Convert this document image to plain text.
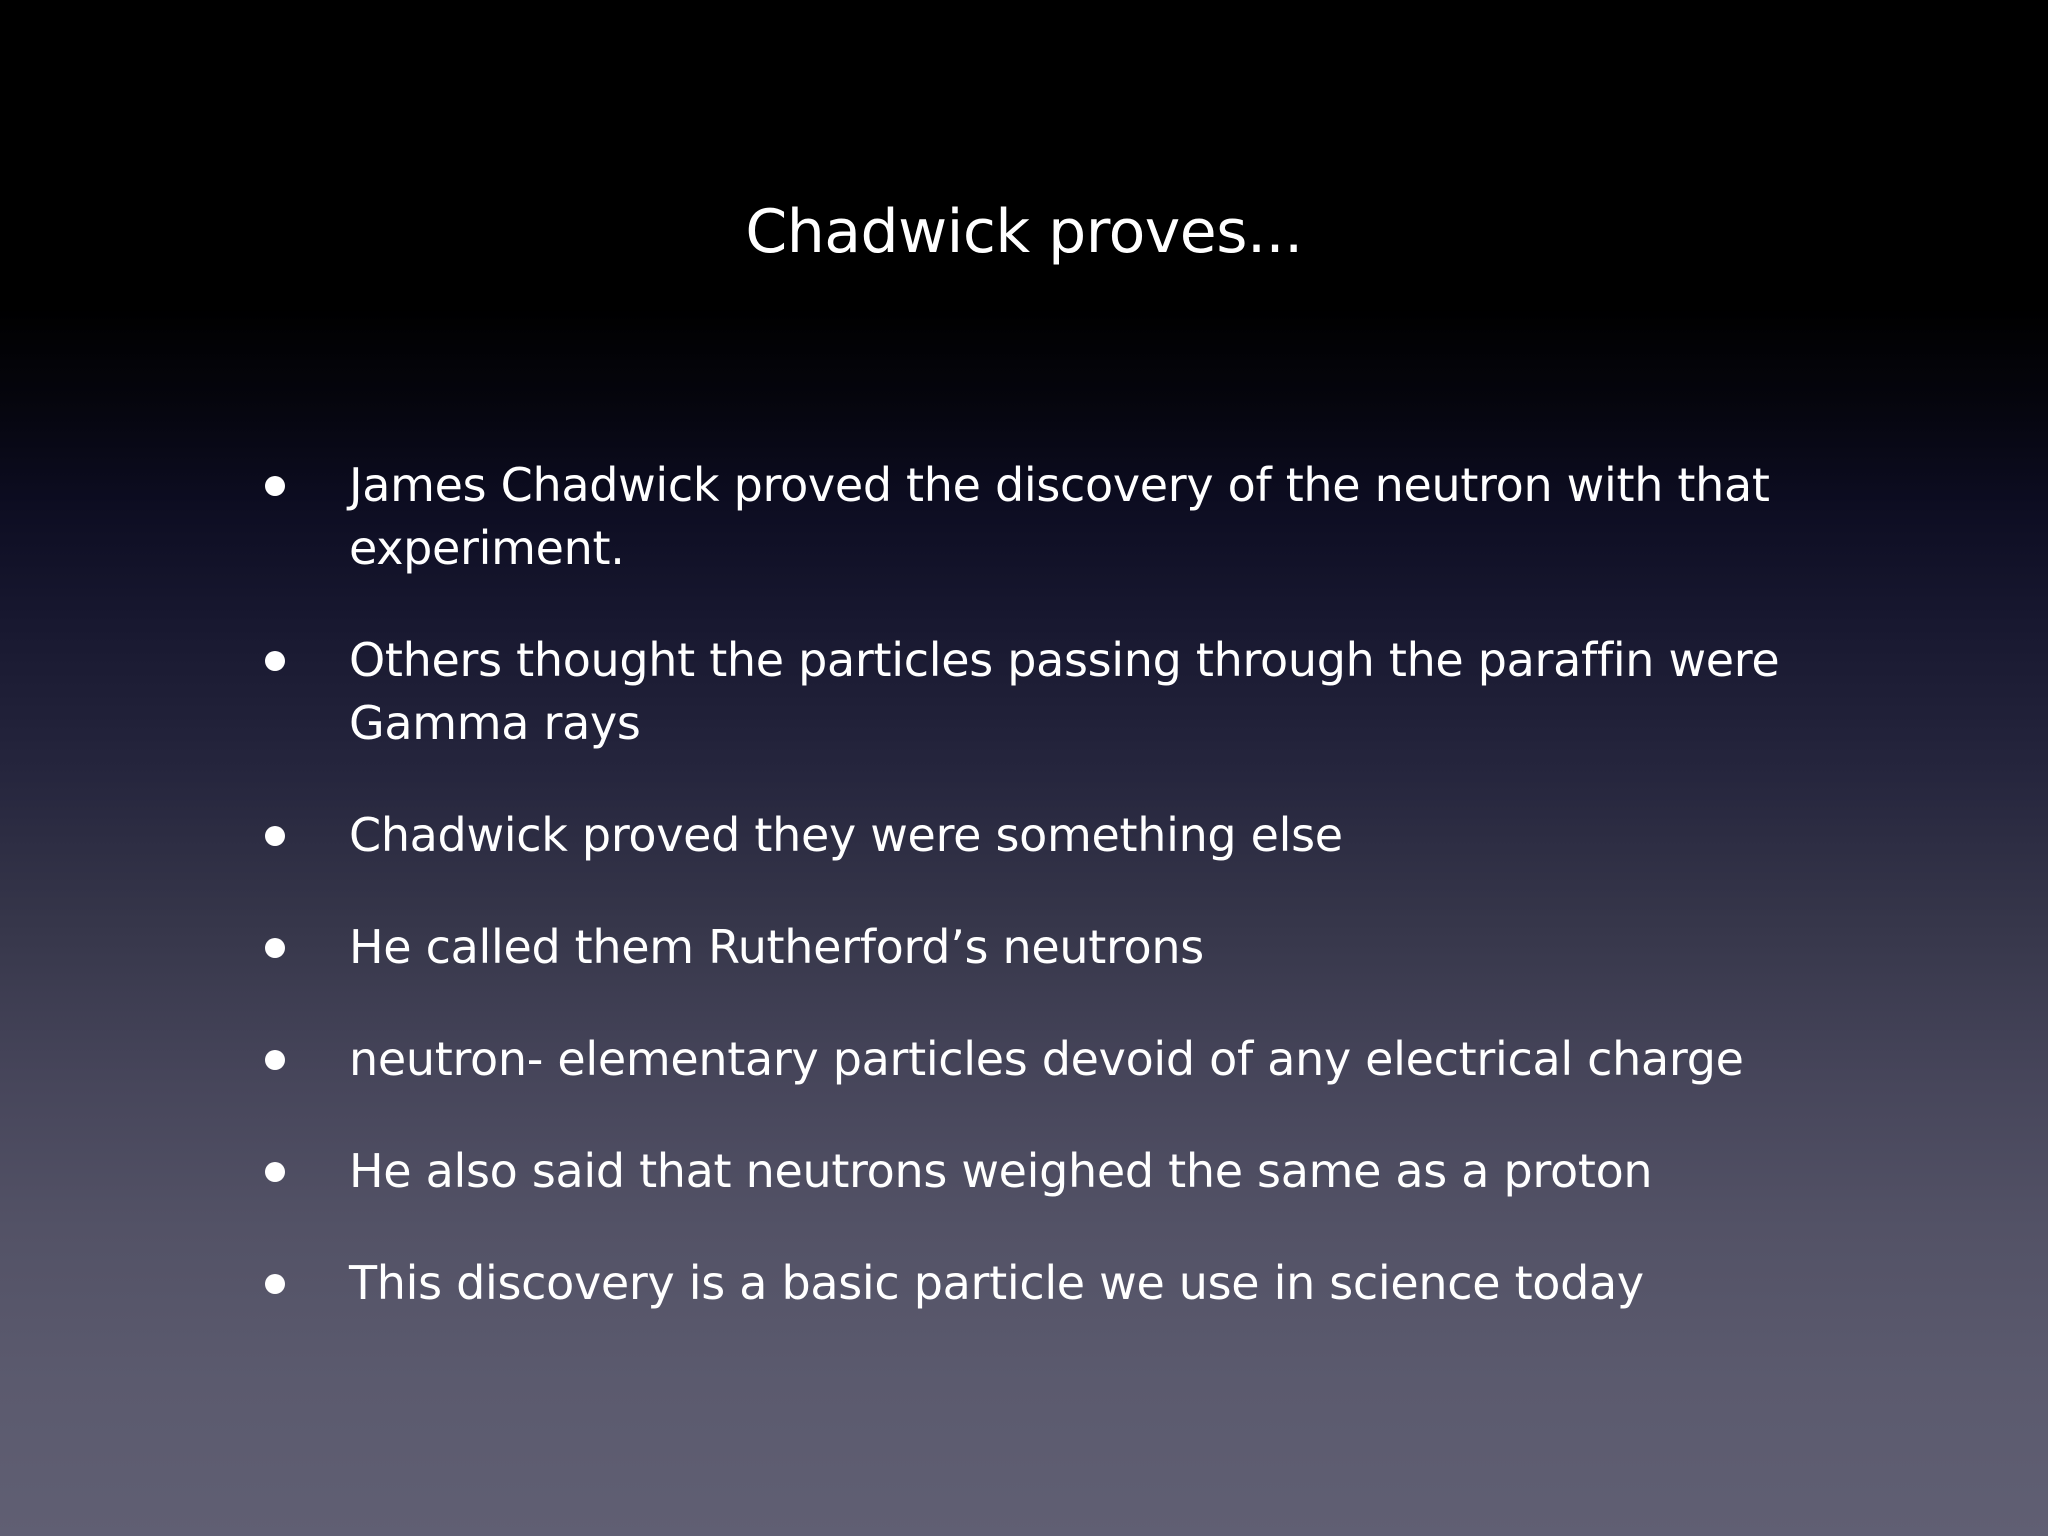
Chadwick proves...
James Chadwick proved the discovery of the neutron with that experiment.
Others thought the particles passing through the paraffin were Gamma rays
Chadwick proved they were something else
He called them Rutherford’s neutrons
neutron- elementary particles devoid of any electrical charge
He also said that neutrons weighed the same as a proton
This discovery is a basic particle we use in science today
